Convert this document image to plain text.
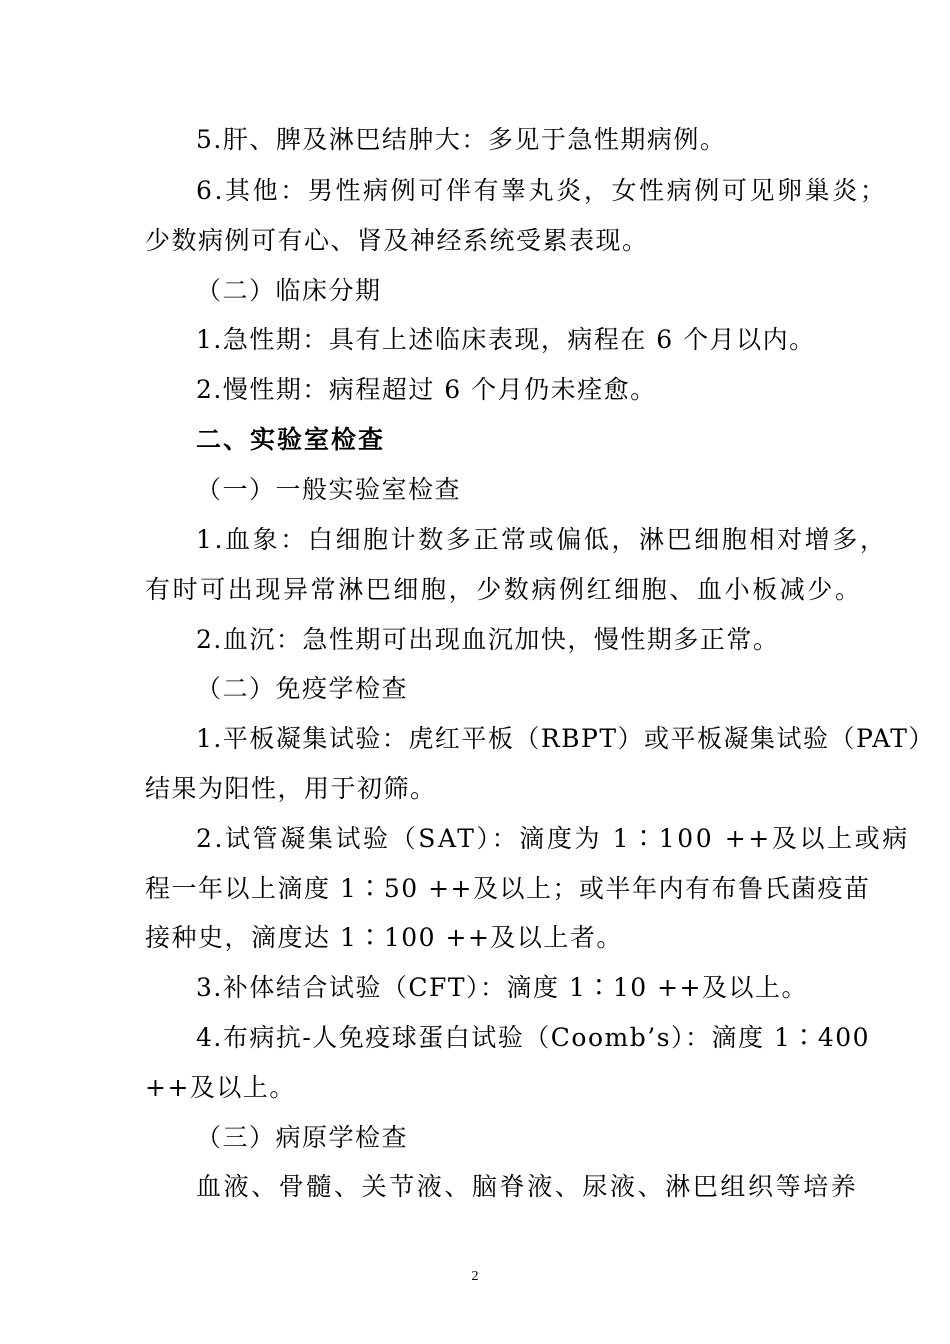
5.肝、脾及淋巴结肿大：多见于急性期病例。
6.其他：男性病例可伴有睾丸炎，女性病例可见卵巢炎；
少数病例可有心、肾及神经系统受累表现。
（二）临床分期
1.急性期：具有上述临床表现，病程在 6 个月以内。
2.慢性期：病程超过 6 个月仍未痊愈。
二、实验室检查
（一）一般实验室检查
1.血象：白细胞计数多正常或偏低，淋巴细胞相对增多，
有时可出现异常淋巴细胞，少数病例红细胞、血小板减少。
2.血沉：急性期可出现血沉加快，慢性期多正常。
（二）免疫学检查
1.平板凝集试验：虎红平板（RBPT）或平板凝集试验（PAT）
结果为阳性，用于初筛。
2.试管凝集试验（SAT）：滴度为 1∶100 ++及以上或病
程一年以上滴度 1∶50 ++及以上；或半年内有布鲁氏菌疫苗
接种史，滴度达 1∶100 ++及以上者。
3.补体结合试验（CFT）：滴度 1∶10 ++及以上。
4.布病抗-人免疫球蛋白试验（Coomb’s）：滴度 1∶400
++及以上。
（三）病原学检查
血液、骨髓、关节液、脑脊液、尿液、淋巴组织等培养
2
